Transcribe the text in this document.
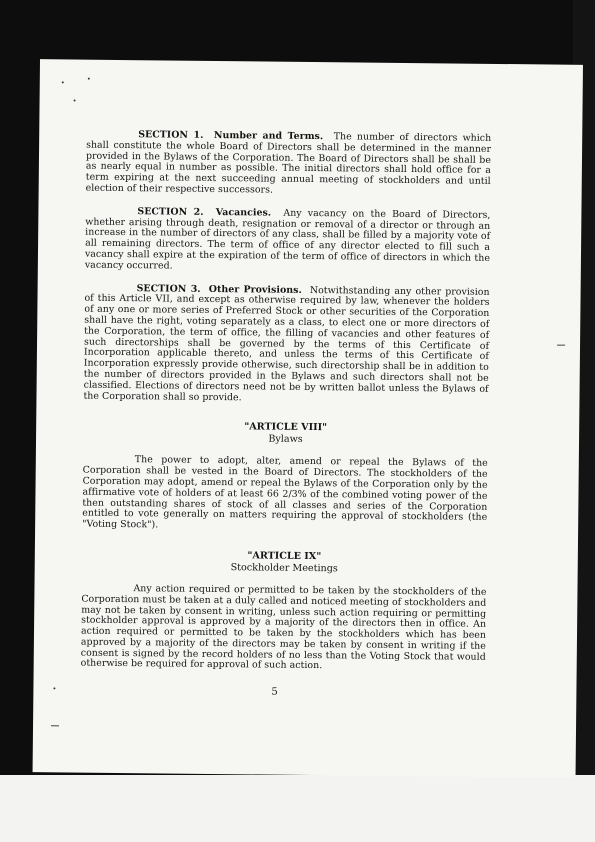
SECTION 1. Number and Terms. The number of directors which shall constitute the whole Board of Directors shall be determined in the manner provided in the Bylaws of the Corporation. The Board of Directors shall be shall be as nearly equal in number as possible. The initial directors shall hold office for a term expiring at the next succeeding annual meeting of stockholders and until election of their respective successors.

SECTION 2. Vacancies. Any vacancy on the Board of Directors, whether arising through death, resignation or removal of a director or through an increase in the number of directors of any class, shall be filled by a majority vote of all remaining directors. The term of office of any director elected to fill such a vacancy shall expire at the expiration of the term of office of directors in which the vacancy occurred.

SECTION 3. Other Provisions. Notwithstanding any other provision of this Article VII, and except as otherwise required by law, whenever the holders of any one or more series of Preferred Stock or other securities of the Corporation shall have the right, voting separately as a class, to elect one or more directors of the Corporation, the term of office, the filling of vacancies and other features of such directorships shall be governed by the terms of this Certificate of Incorporation applicable thereto, and unless the terms of this Certificate of Incorporation expressly provide otherwise, such directorship shall be in addition to the number of directors provided in the Bylaws and such directors shall not be classified. Elections of directors need not be by written ballot unless the Bylaws of the Corporation shall so provide.

"ARTICLE VIII"
Bylaws

The power to adopt, alter, amend or repeal the Bylaws of the Corporation shall be vested in the Board of Directors. The stockholders of the Corporation may adopt, amend or repeal the Bylaws of the Corporation only by the affirmative vote of holders of at least 66 2/3% of the combined voting power of the then outstanding shares of stock of all classes and series of the Corporation entitled to vote generally on matters requiring the approval of stockholders (the "Voting Stock").

"ARTICLE IX"
Stockholder Meetings

Any action required or permitted to be taken by the stockholders of the Corporation must be taken at a duly called and noticed meeting of stockholders and may not be taken by consent in writing, unless such action requiring or permitting stockholder approval is approved by a majority of the directors then in office. An action required or permitted to be taken by the stockholders which has been approved by a majority of the directors may be taken by consent in writing if the consent is signed by the record holders of no less than the Voting Stock that would otherwise be required for approval of such action.

5
